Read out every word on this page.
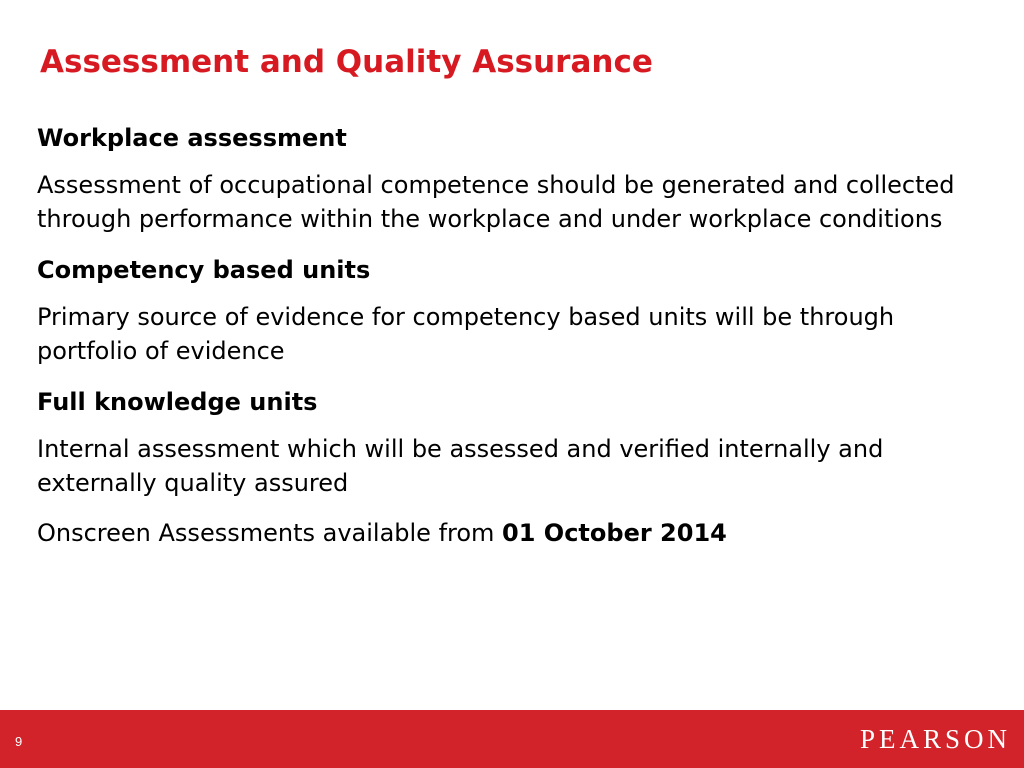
Assessment and Quality Assurance

Workplace assessment

Assessment of occupational competence should be generated and collected through performance within the workplace and under workplace conditions

Competency based units

Primary source of evidence for competency based units will be through portfolio of evidence

Full knowledge units

Internal assessment which will be assessed and verified internally and externally quality assured

Onscreen Assessments available from 01 October 2014

9	PEARSON
